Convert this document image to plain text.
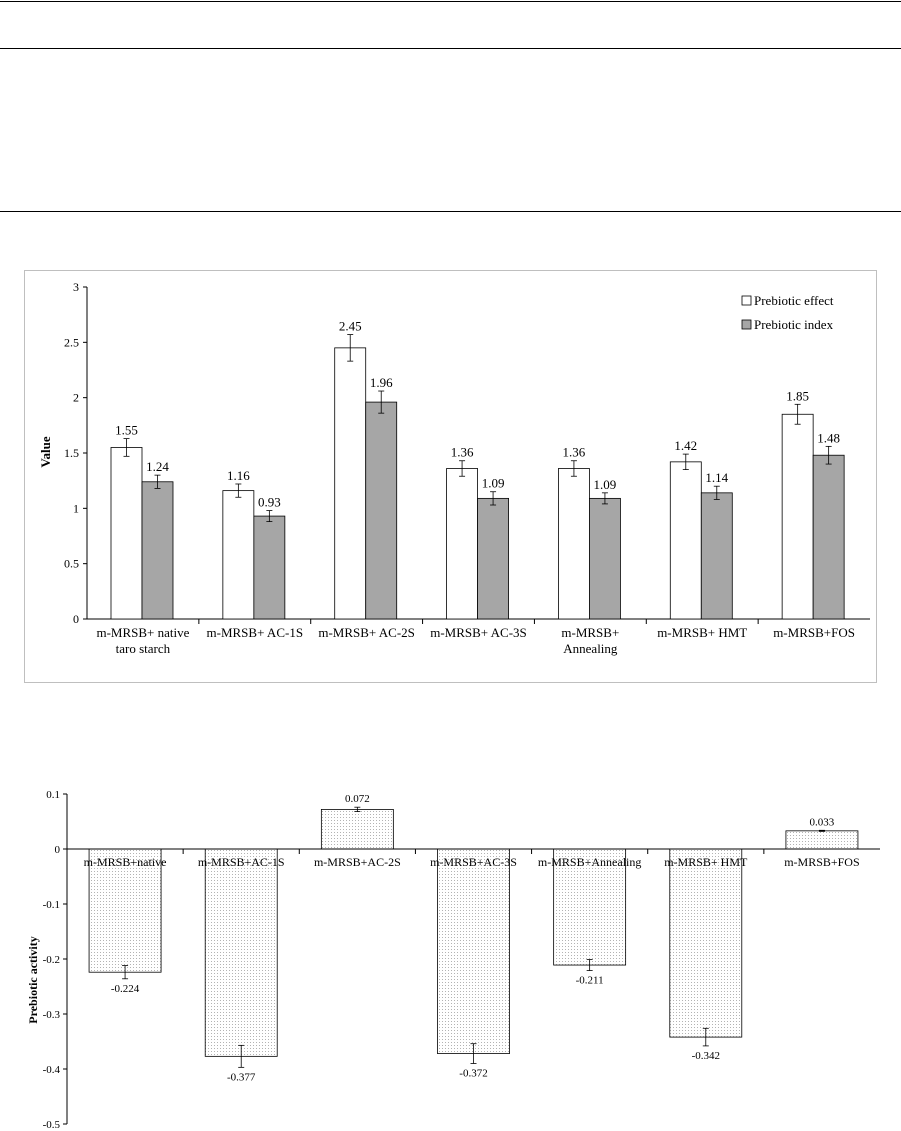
Value
Prebiotic effect
Prebiotic index
0
0.5
1
1.5
2
2.5
3
m-MRSB+ native
taro starch
1.55
1.24
m-MRSB+ AC-1S
1.16
0.93
m-MRSB+ AC-2S
2.45
1.96
m-MRSB+ AC-3S
1.36
1.09
m-MRSB+
Annealing
1.36
1.09
m-MRSB+ HMT
1.42
1.14
m-MRSB+FOS
1.85
1.48
Prebiotic activity
-0.5
-0.4
-0.3
-0.2
-0.1
0
0.1
-0.224
-0.377
0.072
-0.372
-0.211
-0.342
0.033
m-MRSB+native	m-MRSB+AC-1S m-MRSB+AC-2S m-MRSB+AC-3S m-MRSB+Annealing m-MRSB+ HMT	m-MRSB+FOS
